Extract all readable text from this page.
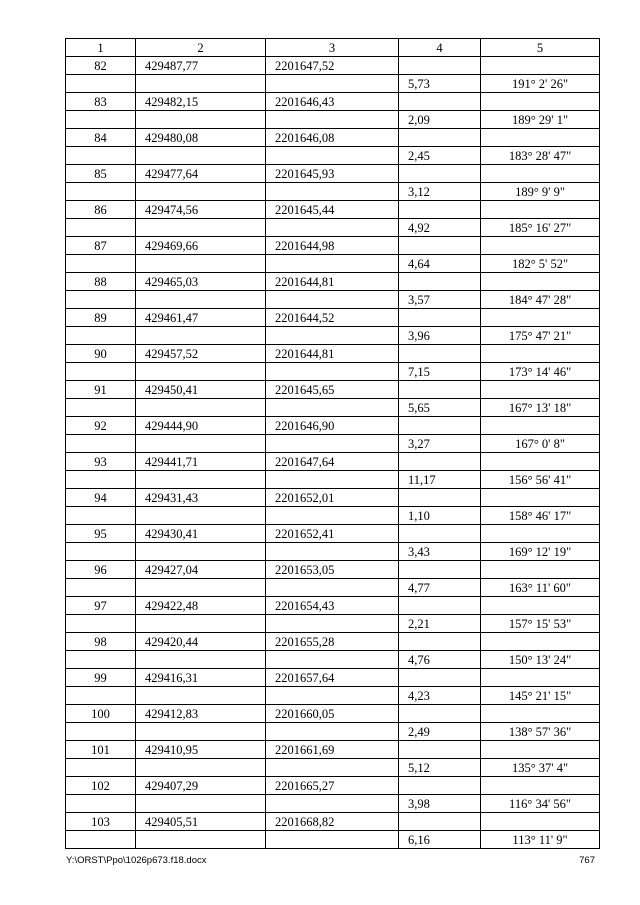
1	2	3	4	5
82	429487,77	2201647,52		
			5,73	191° 2' 26"
83	429482,15	2201646,43		
			2,09	189° 29' 1"
84	429480,08	2201646,08		
			2,45	183° 28' 47"
85	429477,64	2201645,93		
			3,12	189° 9' 9"
86	429474,56	2201645,44		
			4,92	185° 16' 27"
87	429469,66	2201644,98		
			4,64	182° 5' 52"
88	429465,03	2201644,81		
			3,57	184° 47' 28"
89	429461,47	2201644,52		
			3,96	175° 47' 21"
90	429457,52	2201644,81		
			7,15	173° 14' 46"
91	429450,41	2201645,65		
			5,65	167° 13' 18"
92	429444,90	2201646,90		
			3,27	167° 0' 8"
93	429441,71	2201647,64		
			11,17	156° 56' 41"
94	429431,43	2201652,01		
			1,10	158° 46' 17"
95	429430,41	2201652,41		
			3,43	169° 12' 19"
96	429427,04	2201653,05		
			4,77	163° 11' 60"
97	429422,48	2201654,43		
			2,21	157° 15' 53"
98	429420,44	2201655,28		
			4,76	150° 13' 24"
99	429416,31	2201657,64		
			4,23	145° 21' 15"
100	429412,83	2201660,05		
			2,49	138° 57' 36"
101	429410,95	2201661,69		
			5,12	135° 37' 4"
102	429407,29	2201665,27		
			3,98	116° 34' 56"
103	429405,51	2201668,82		
			6,16	113° 11' 9"
Y:\ORST\Ppo\1026p673.f18.docx	767
